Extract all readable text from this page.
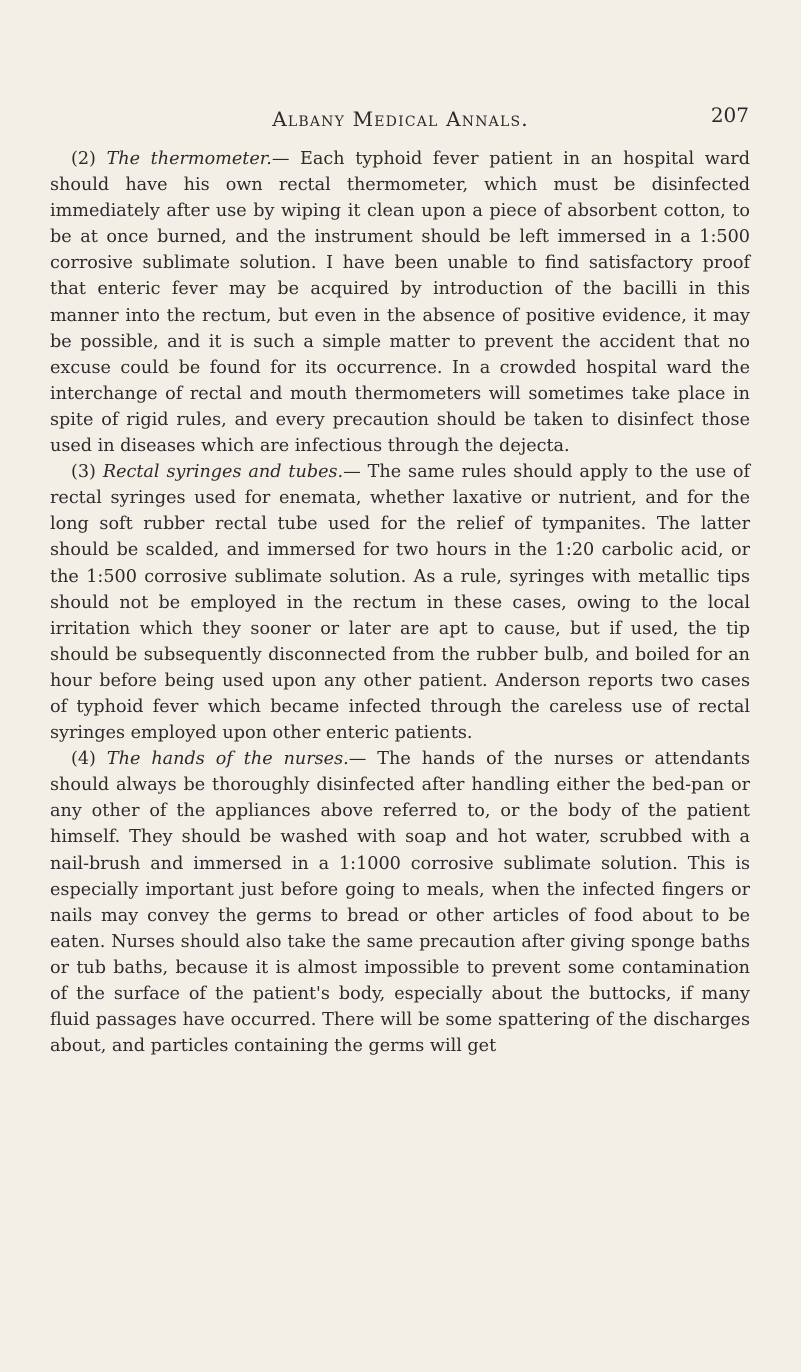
Albany Medical Annals.	207

(2) The thermometer.— Each typhoid fever patient in an hospital ward should have his own rectal thermometer, which must be disinfected immediately after use by wiping it clean upon a piece of absorbent cotton, to be at once burned, and the instrument should be left immersed in a 1:500 corrosive sublimate solution. I have been unable to find satisfactory proof that enteric fever may be acquired by introduction of the bacilli in this manner into the rectum, but even in the absence of positive evidence, it may be possible, and it is such a simple matter to prevent the accident that no excuse could be found for its occurrence. In a crowded hospital ward the interchange of rectal and mouth thermometers will sometimes take place in spite of rigid rules, and every precaution should be taken to disinfect those used in diseases which are infectious through the dejecta.

(3) Rectal syringes and tubes.— The same rules should apply to the use of rectal syringes used for enemata, whether laxative or nutrient, and for the long soft rubber rectal tube used for the relief of tympanites. The latter should be scalded, and immersed for two hours in the 1:20 carbolic acid, or the 1:500 corrosive sublimate solution. As a rule, syringes with metallic tips should not be employed in the rectum in these cases, owing to the local irritation which they sooner or later are apt to cause, but if used, the tip should be subsequently disconnected from the rubber bulb, and boiled for an hour before being used upon any other patient. Anderson reports two cases of typhoid fever which became infected through the careless use of rectal syringes employed upon other enteric patients.

(4) The hands of the nurses.— The hands of the nurses or attendants should always be thoroughly disinfected after handling either the bed-pan or any other of the appliances above referred to, or the body of the patient himself. They should be washed with soap and hot water, scrubbed with a nail-brush and immersed in a 1:1000 corrosive sublimate solution. This is especially important just before going to meals, when the infected fingers or nails may convey the germs to bread or other articles of food about to be eaten. Nurses should also take the same precaution after giving sponge baths or tub baths, because it is almost impossible to prevent some contamination of the surface of the patient's body, especially about the buttocks, if many fluid passages have occurred. There will be some spattering of the discharges about, and particles containing the germs will get
